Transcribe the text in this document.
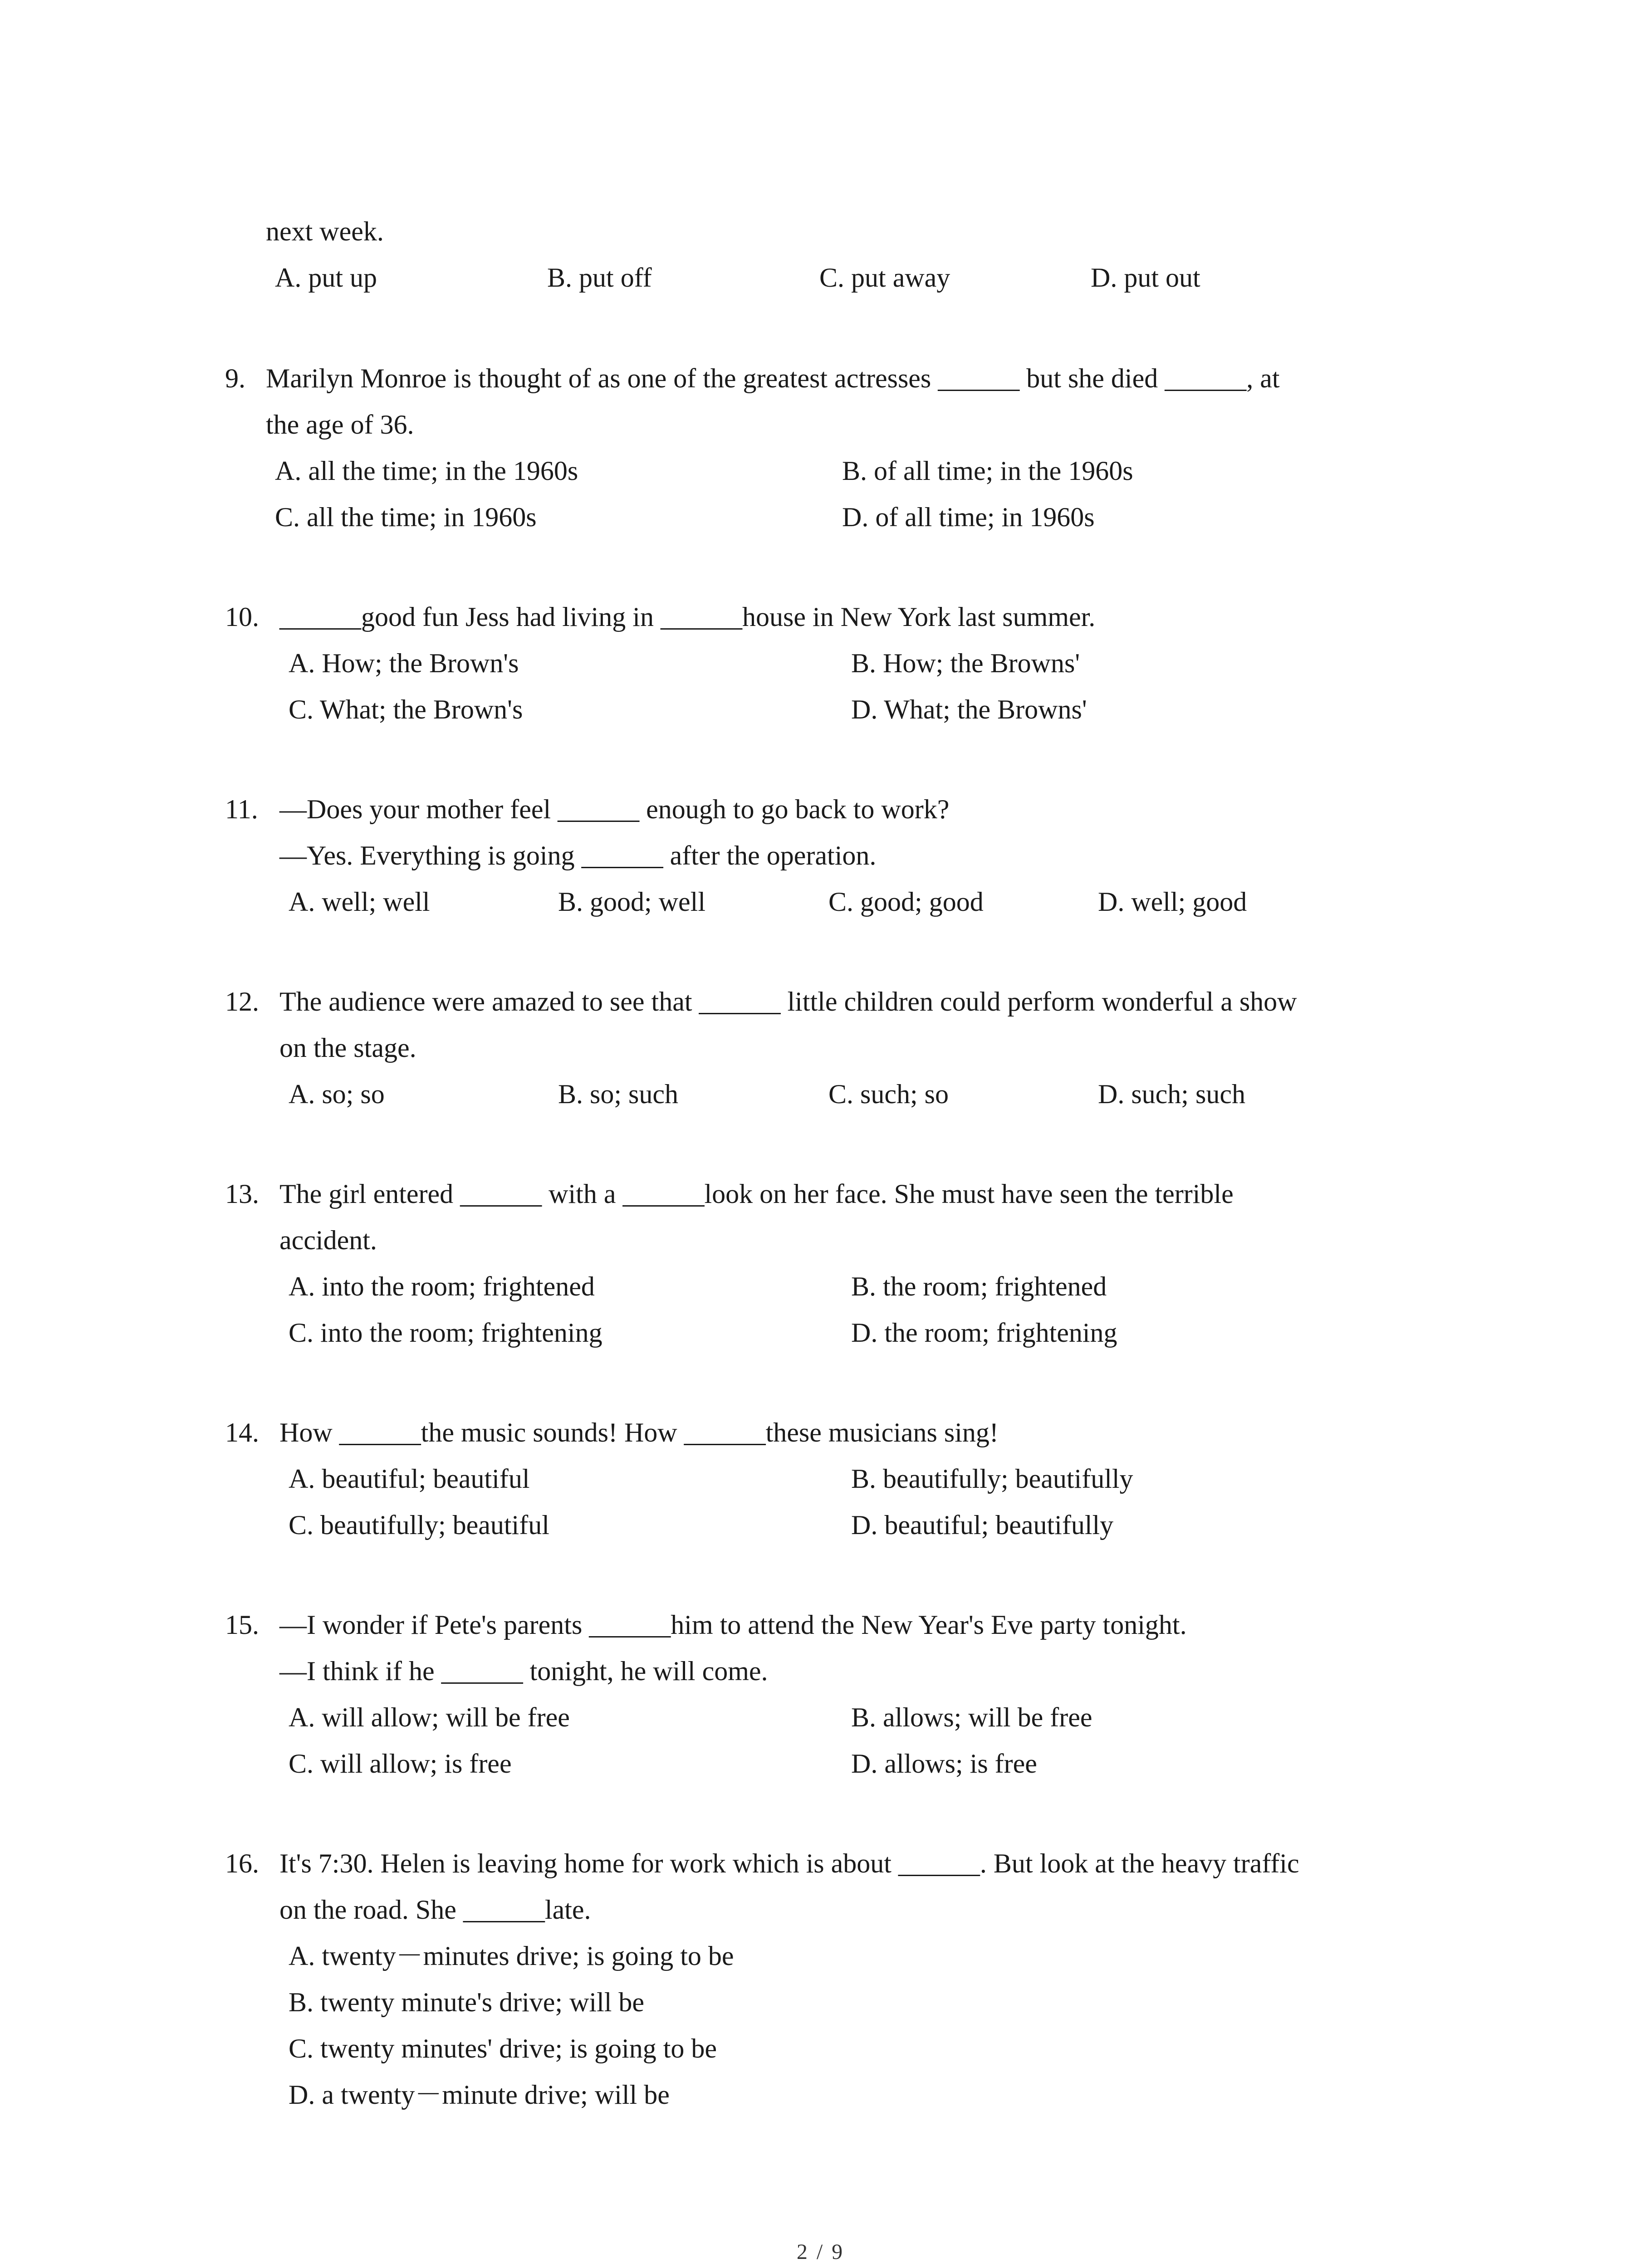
next week.
A. put up	B. put off	C. put away	D. put out
9. Marilyn Monroe is thought of as one of the greatest actresses ______ but she died ______, at
the age of 36.
A. all the time; in the 1960s	B. of all time; in the 1960s
C. all the time; in 1960s	D. of all time; in 1960s
10. ______good fun Jess had living in ______house in New York last summer.
A. How; the Brown's	B. How; the Browns'
C. What; the Brown's	D. What; the Browns'
11. —Does your mother feel ______ enough to go back to work?
—Yes. Everything is going ______ after the operation.
A. well; well	B. good; well	C. good; good	D. well; good
12. The audience were amazed to see that ______ little children could perform wonderful a show
on the stage.
A. so; so	B. so; such	C. such; so	D. such; such
13. The girl entered ______ with a ______look on her face. She must have seen the terrible
accident.
A. into the room; frightened	B. the room; frightened
C. into the room; frightening	D. the room; frightening
14. How ______the music sounds! How ______these musicians sing!
A. beautiful; beautiful	B. beautifully; beautifully
C. beautifully; beautiful	D. beautiful; beautifully
15. —I wonder if Pete's parents ______him to attend the New Year's Eve party tonight.
—I think if he ______ tonight, he will come.
A. will allow; will be free	B. allows; will be free
C. will allow; is free	D. allows; is free
16. It's 7:30. Helen is leaving home for work which is about ______. But look at the heavy traffic
on the road. She ______late.
A. twenty－minutes drive; is going to be
B. twenty minute's drive; will be
C. twenty minutes' drive; is going to be
D. a twenty－minute drive; will be
2 / 9
